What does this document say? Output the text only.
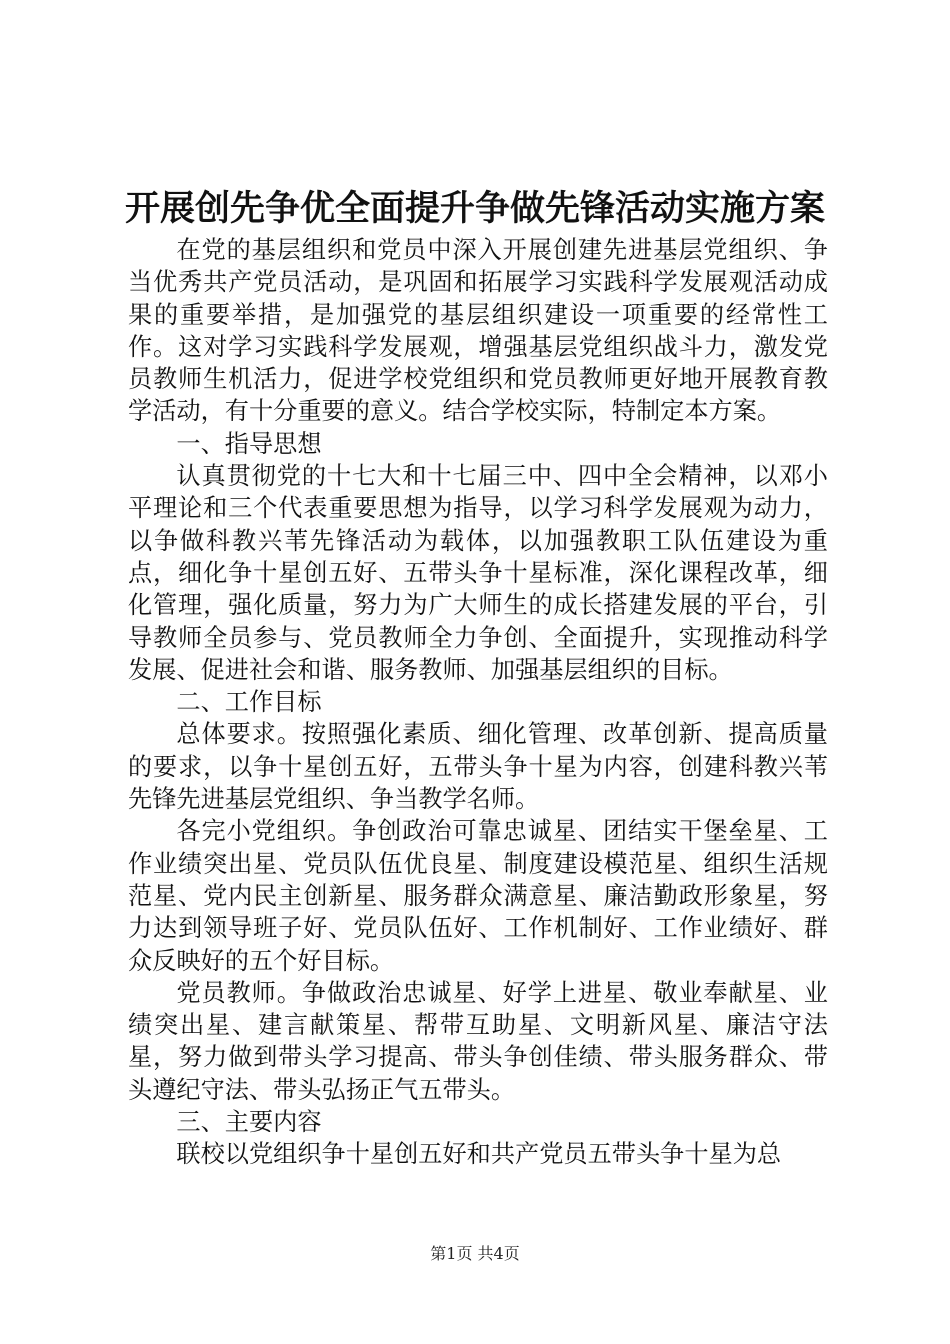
开展创先争优全面提升争做先锋活动实施方案

在党的基层组织和党员中深入开展创建先进基层党组织、争当优秀共产党员活动，是巩固和拓展学习实践科学发展观活动成果的重要举措，是加强党的基层组织建设一项重要的经常性工作。这对学习实践科学发展观，增强基层党组织战斗力，激发党员教师生机活力，促进学校党组织和党员教师更好地开展教育教学活动，有十分重要的意义。结合学校实际，特制定本方案。

一、指导思想

认真贯彻党的十七大和十七届三中、四中全会精神，以邓小平理论和三个代表重要思想为指导，以学习科学发展观为动力，以争做科教兴苇先锋活动为载体，以加强教职工队伍建设为重点，细化争十星创五好、五带头争十星标准，深化课程改革，细化管理，强化质量，努力为广大师生的成长搭建发展的平台，引导教师全员参与、党员教师全力争创、全面提升，实现推动科学发展、促进社会和谐、服务教师、加强基层组织的目标。

二、工作目标

总体要求。按照强化素质、细化管理、改革创新、提高质量的要求，以争十星创五好，五带头争十星为内容，创建科教兴苇先锋先进基层党组织、争当教学名师。

各完小党组织。争创政治可靠忠诚星、团结实干堡垒星、工作业绩突出星、党员队伍优良星、制度建设模范星、组织生活规范星、党内民主创新星、服务群众满意星、廉洁勤政形象星，努力达到领导班子好、党员队伍好、工作机制好、工作业绩好、群众反映好的五个好目标。

党员教师。争做政治忠诚星、好学上进星、敬业奉献星、业绩突出星、建言献策星、帮带互助星、文明新风星、廉洁守法星，努力做到带头学习提高、带头争创佳绩、带头服务群众、带头遵纪守法、带头弘扬正气五带头。

三、主要内容

联校以党组织争十星创五好和共产党员五带头争十星为总

第1页 共4页
